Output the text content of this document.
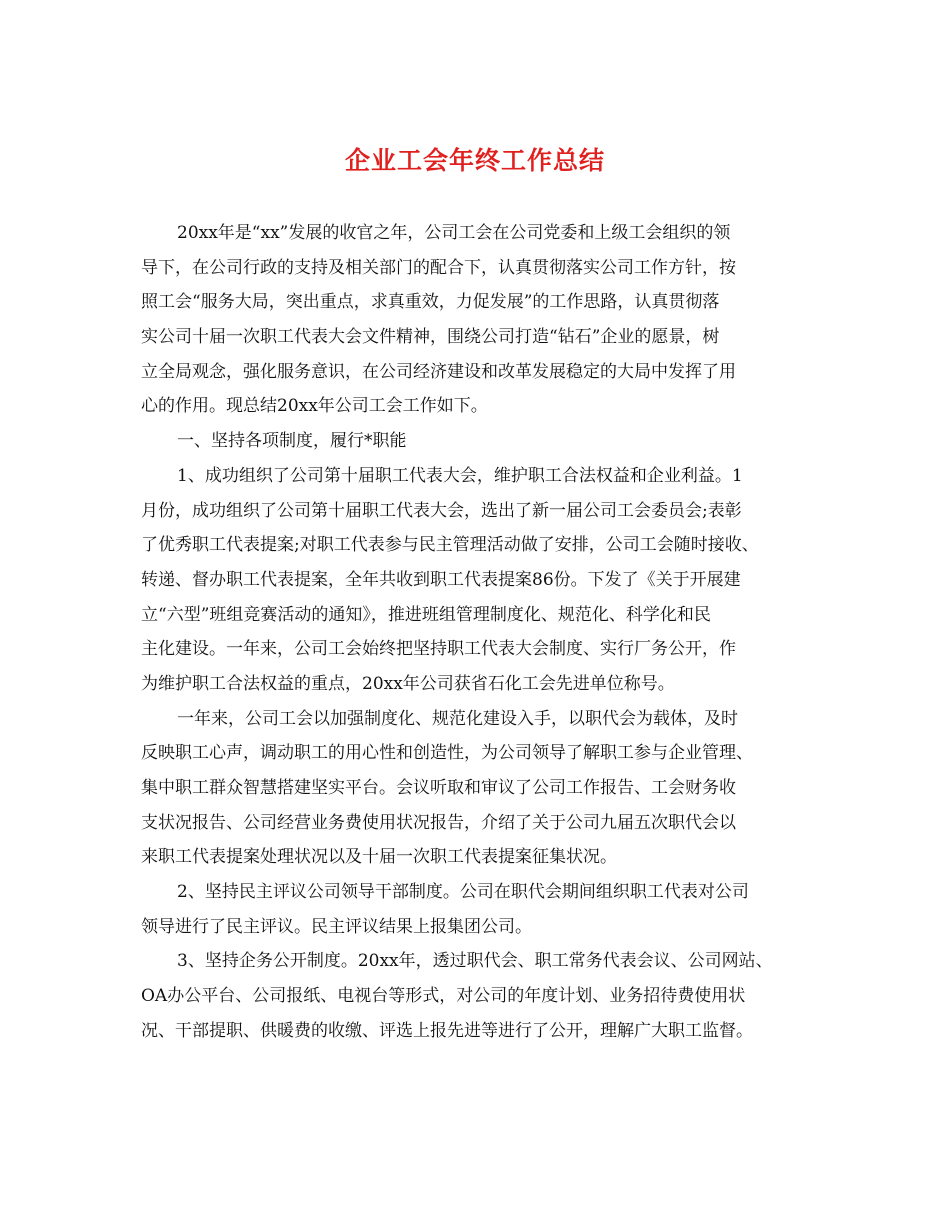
企业工会年终工作总结
20xx年是“xx”发展的收官之年，公司工会在公司党委和上级工会组织的领
导下，在公司行政的支持及相关部门的配合下，认真贯彻落实公司工作方针，按
照工会“服务大局，突出重点，求真重效，力促发展”的工作思路，认真贯彻落
实公司十届一次职工代表大会文件精神，围绕公司打造“钻石”企业的愿景，树
立全局观念，强化服务意识，在公司经济建设和改革发展稳定的大局中发挥了用
心的作用。现总结20xx年公司工会工作如下。
一、坚持各项制度，履行*职能
1、成功组织了公司第十届职工代表大会，维护职工合法权益和企业利益。1
月份，成功组织了公司第十届职工代表大会，选出了新一届公司工会委员会;表彰
了优秀职工代表提案;对职工代表参与民主管理活动做了安排，公司工会随时接收、
转递、督办职工代表提案，全年共收到职工代表提案86份。下发了《关于开展建
立“六型”班组竞赛活动的通知》，推进班组管理制度化、规范化、科学化和民
主化建设。一年来，公司工会始终把坚持职工代表大会制度、实行厂务公开，作
为维护职工合法权益的重点，20xx年公司获省石化工会先进单位称号。
一年来，公司工会以加强制度化、规范化建设入手，以职代会为载体，及时
反映职工心声，调动职工的用心性和创造性，为公司领导了解职工参与企业管理、
集中职工群众智慧搭建坚实平台。会议听取和审议了公司工作报告、工会财务收
支状况报告、公司经营业务费使用状况报告，介绍了关于公司九届五次职代会以
来职工代表提案处理状况以及十届一次职工代表提案征集状况。
2、坚持民主评议公司领导干部制度。公司在职代会期间组织职工代表对公司
领导进行了民主评议。民主评议结果上报集团公司。
3、坚持企务公开制度。20xx年，透过职代会、职工常务代表会议、公司网站、
OA办公平台、公司报纸、电视台等形式，对公司的年度计划、业务招待费使用状
况、干部提职、供暖费的收缴、评选上报先进等进行了公开，理解广大职工监督。
